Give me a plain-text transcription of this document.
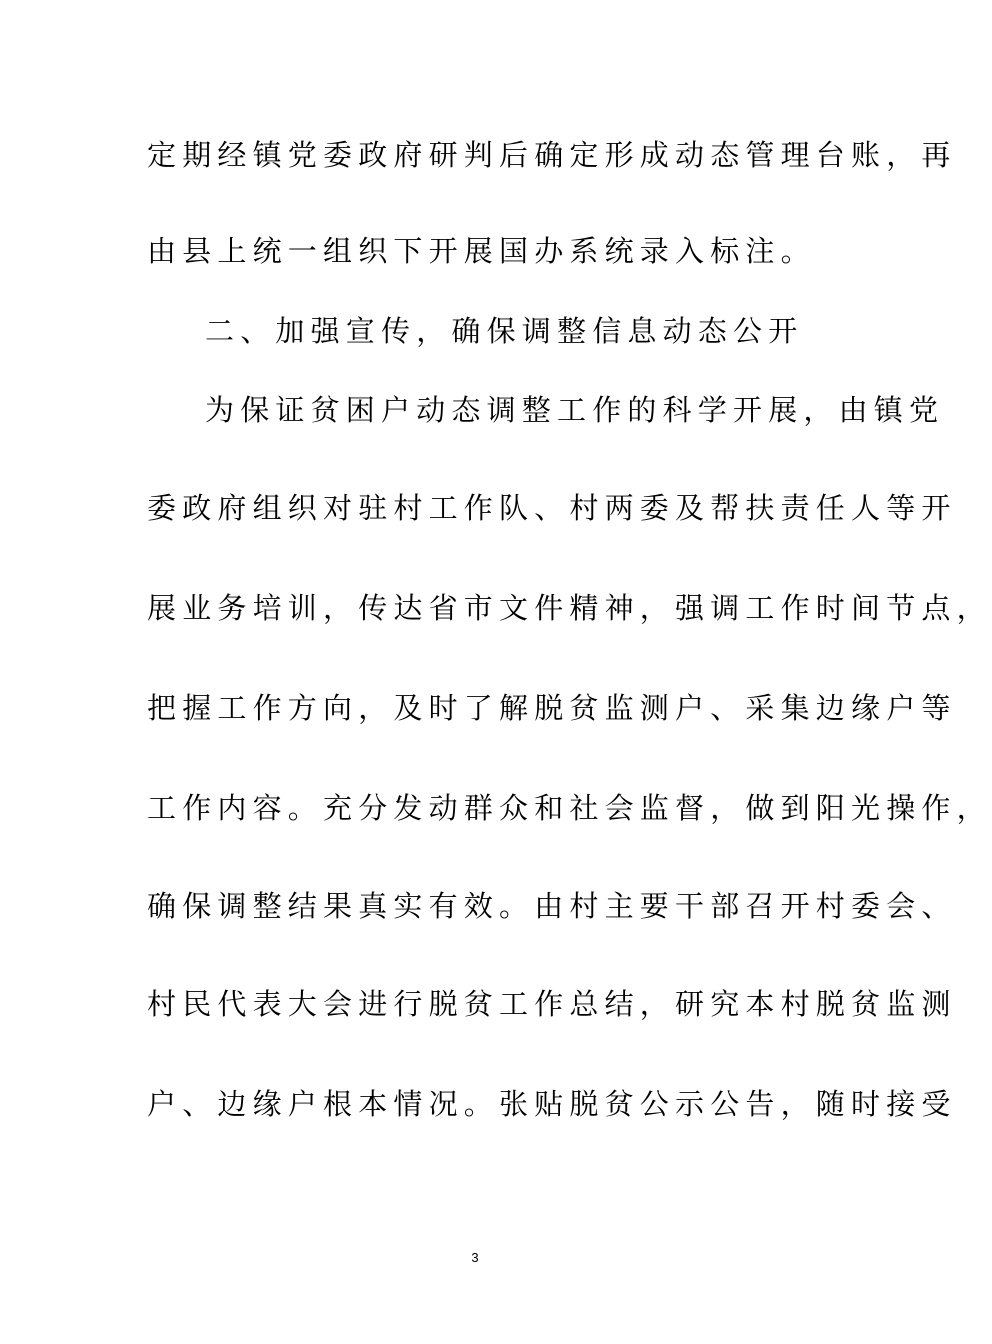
定期经镇党委政府研判后确定形成动态管理台账，再
由县上统一组织下开展国办系统录入标注。
二、加强宣传，确保调整信息动态公开
为保证贫困户动态调整工作的科学开展，由镇党
委政府组织对驻村工作队、村两委及帮扶责任人等开
展业务培训，传达省市文件精神，强调工作时间节点，
把握工作方向，及时了解脱贫监测户、采集边缘户等
工作内容。充分发动群众和社会监督，做到阳光操作，
确保调整结果真实有效。由村主要干部召开村委会、
村民代表大会进行脱贫工作总结，研究本村脱贫监测
户、边缘户根本情况。张贴脱贫公示公告，随时接受
3
